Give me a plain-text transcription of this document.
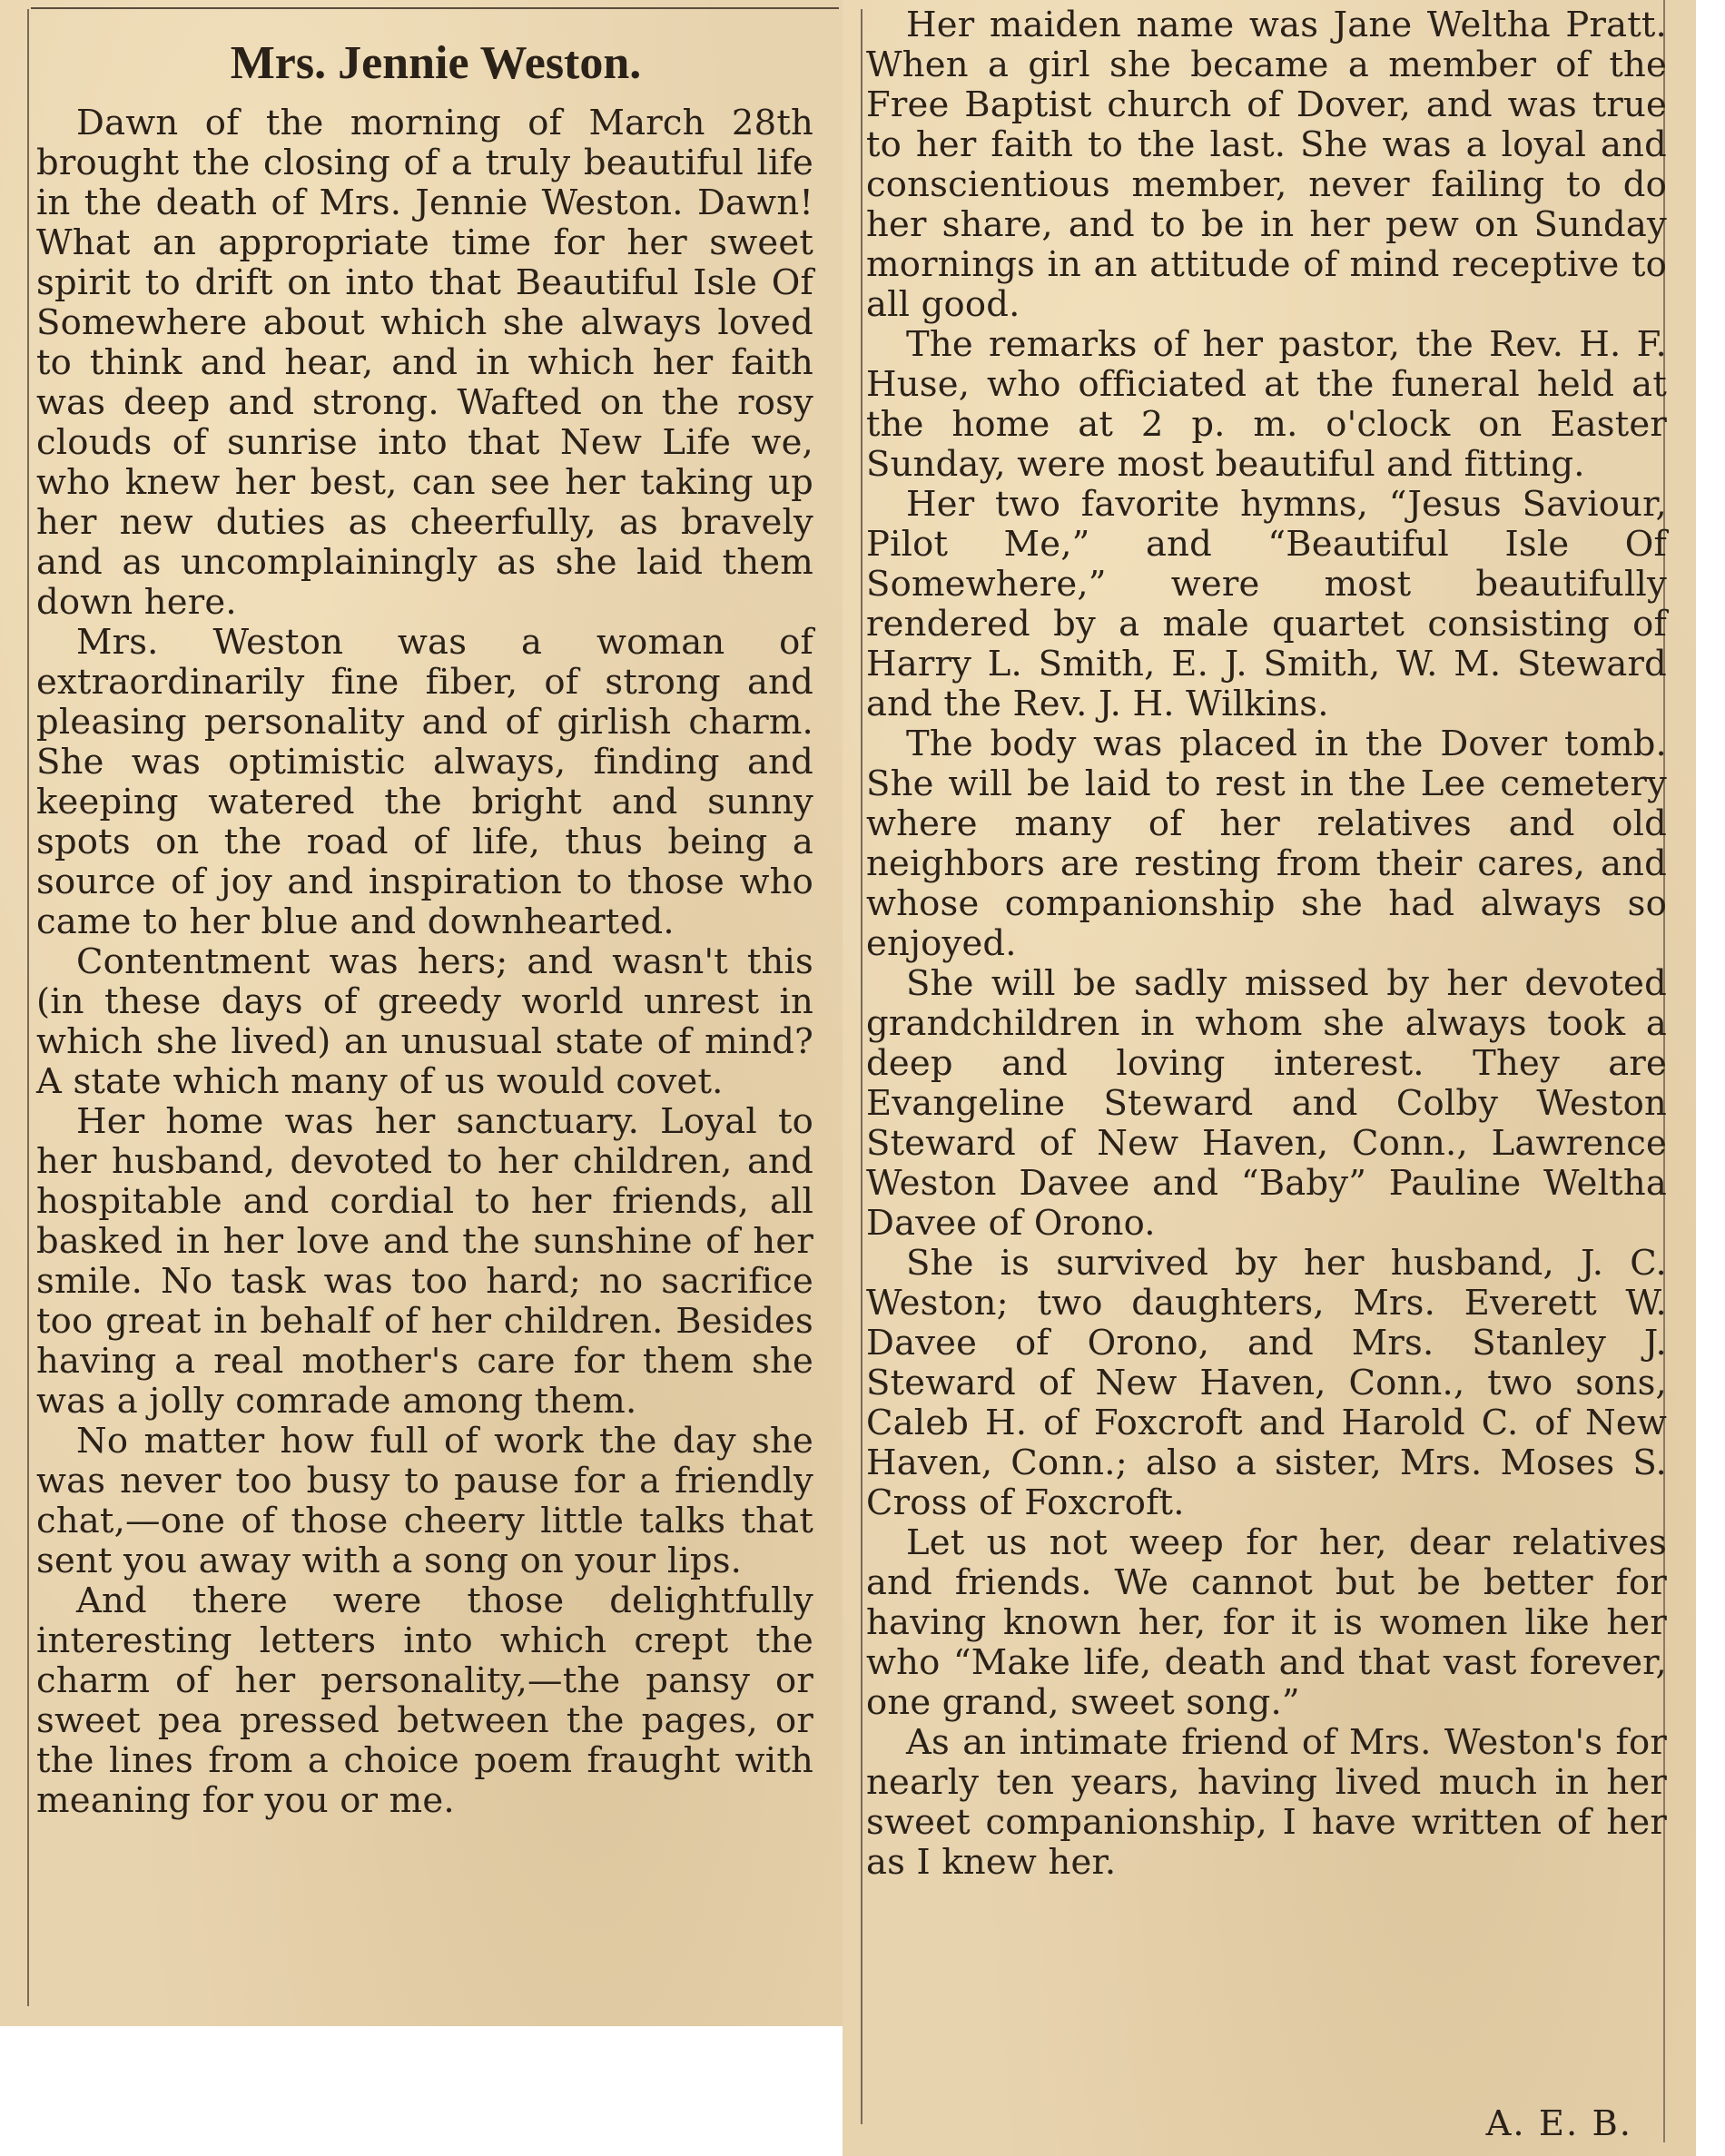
Mrs. Jennie Weston.

Dawn of the morning of March 28th brought the closing of a truly beautiful life in the death of Mrs. Jennie Weston. Dawn! What an appropriate time for her sweet spirit to drift on into that Beautiful Isle Of Somewhere about which she always loved to think and hear, and in which her faith was deep and strong. Wafted on the rosy clouds of sunrise into that New Life we, who knew her best, can see her taking up her new duties as cheerfully, as bravely and as uncomplainingly as she laid them down here.

Mrs. Weston was a woman of extraordinarily fine fiber, of strong and pleasing personality and of girlish charm. She was optimistic always, finding and keeping watered the bright and sunny spots on the road of life, thus being a source of joy and inspiration to those who came to her blue and downhearted.

Contentment was hers; and wasn't this (in these days of greedy world unrest in which she lived) an unusual state of mind? A state which many of us would covet.

Her home was her sanctuary. Loyal to her husband, devoted to her children, and hospitable and cordial to her friends, all basked in her love and the sunshine of her smile. No task was too hard; no sacrifice too great in behalf of her children. Besides having a real mother's care for them she was a jolly comrade among them.

No matter how full of work the day she was never too busy to pause for a friendly chat,—one of those cheery little talks that sent you away with a song on your lips.

And there were those delightfully interesting letters into which crept the charm of her personality,—the pansy or sweet pea pressed between the pages, or the lines from a choice poem fraught with meaning for you or me.

Her maiden name was Jane Weltha Pratt. When a girl she became a member of the Free Baptist church of Dover, and was true to her faith to the last. She was a loyal and conscientious member, never failing to do her share, and to be in her pew on Sunday mornings in an attitude of mind receptive to all good.

The remarks of her pastor, the Rev. H. F. Huse, who officiated at the funeral held at the home at 2 p. m. o'clock on Easter Sunday, were most beautiful and fitting.

Her two favorite hymns, “Jesus Saviour, Pilot Me,” and “Beautiful Isle Of Somewhere,” were most beautifully rendered by a male quartet consisting of Harry L. Smith, E. J. Smith, W. M. Steward and the Rev. J. H. Wilkins.

The body was placed in the Dover tomb. She will be laid to rest in the Lee cemetery where many of her relatives and old neighbors are resting from their cares, and whose companionship she had always so enjoyed.

She will be sadly missed by her devoted grandchildren in whom she always took a deep and loving interest. They are Evangeline Steward and Colby Weston Steward of New Haven, Conn., Lawrence Weston Davee and “Baby” Pauline Weltha Davee of Orono.

She is survived by her husband, J. C. Weston; two daughters, Mrs. Everett W. Davee of Orono, and Mrs. Stanley J. Steward of New Haven, Conn., two sons, Caleb H. of Foxcroft and Harold C. of New Haven, Conn.; also a sister, Mrs. Moses S. Cross of Foxcroft.

Let us not weep for her, dear relatives and friends. We cannot but be better for having known her, for it is women like her who “Make life, death and that vast forever, one grand, sweet song.”

As an intimate friend of Mrs. Weston's for nearly ten years, having lived much in her sweet companionship, I have written of her as I knew her.

A. E. B.
